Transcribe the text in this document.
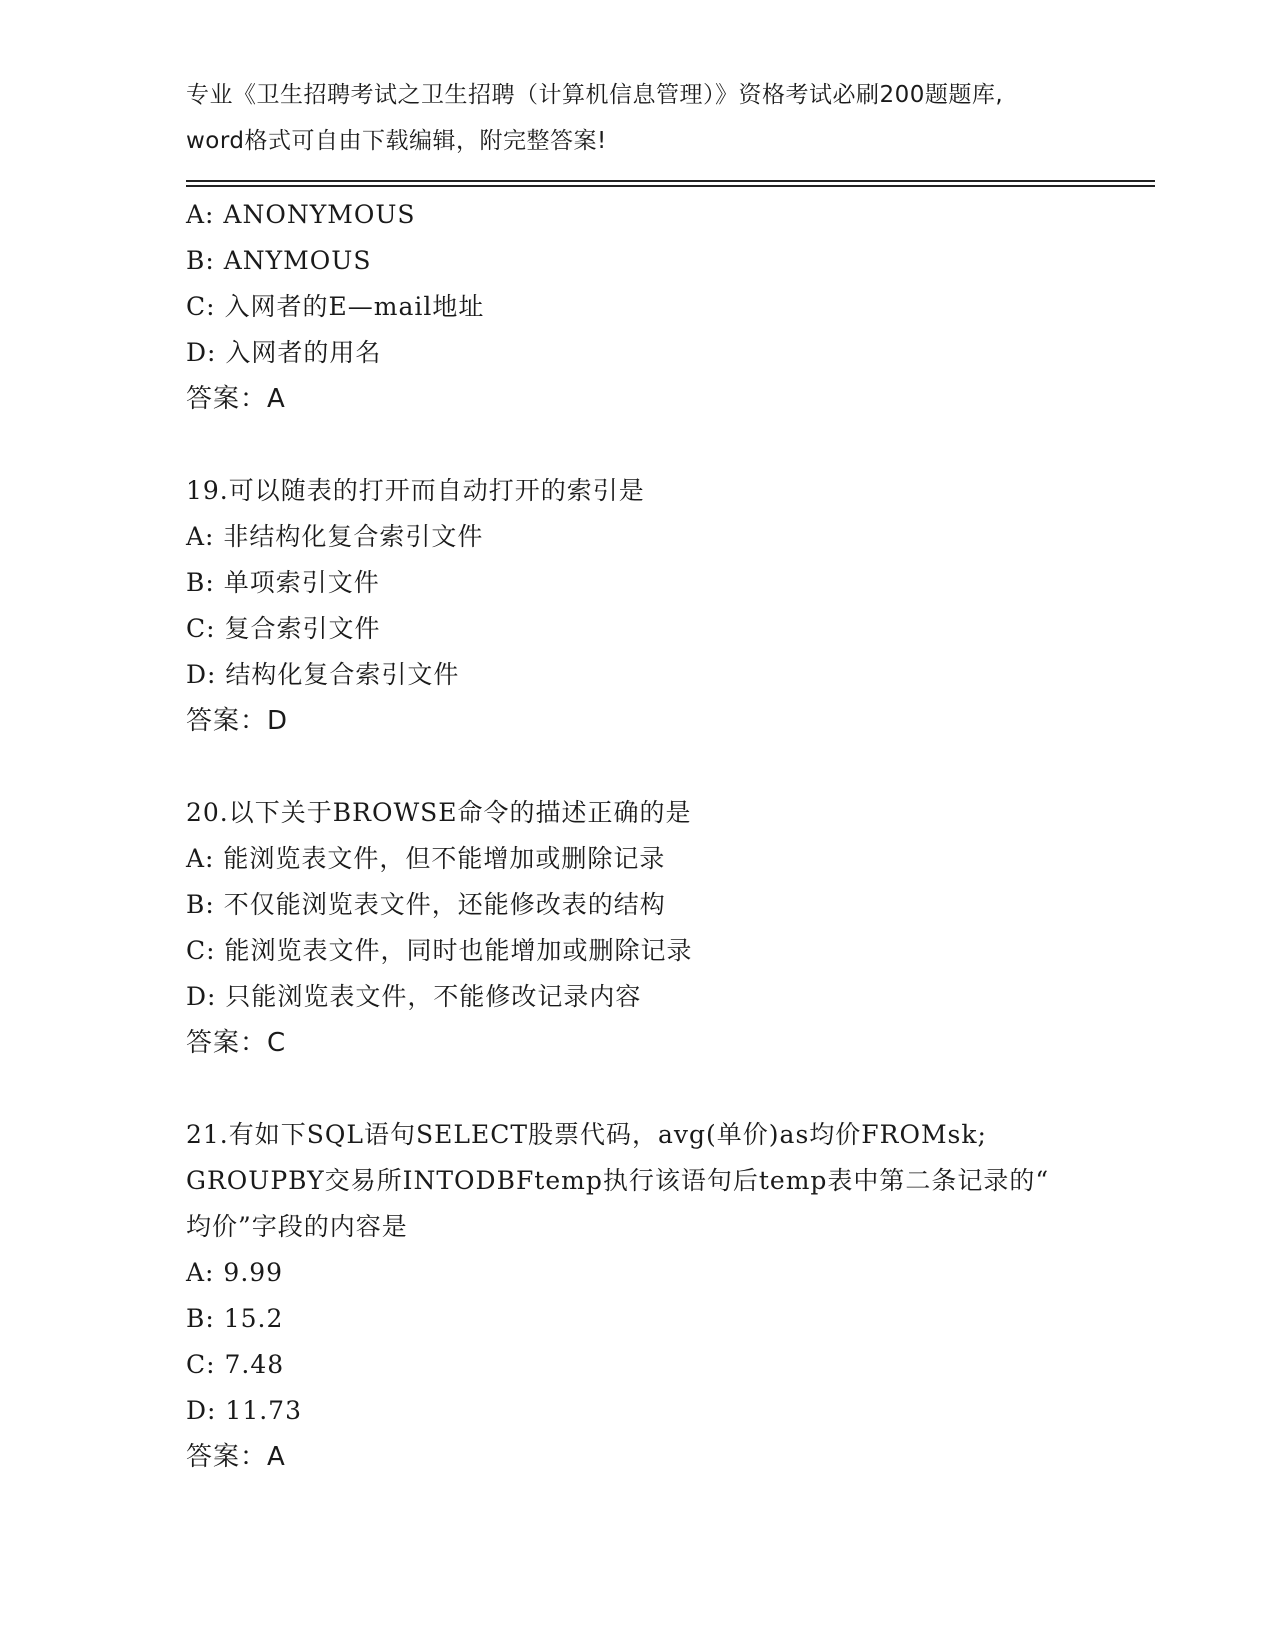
专业《卫生招聘考试之卫生招聘（计算机信息管理）》资格考试必刷200题题库,
word格式可自由下载编辑，附完整答案!
A: ANONYMOUS
B: ANYMOUS
C: 入网者的E—mail地址
D: 入网者的用名
答案：A
19.可以随表的打开而自动打开的索引是
A: 非结构化复合索引文件
B: 单项索引文件
C: 复合索引文件
D: 结构化复合索引文件
答案：D
20.以下关于BROWSE命令的描述正确的是
A: 能浏览表文件，但不能增加或删除记录
B: 不仅能浏览表文件，还能修改表的结构
C: 能浏览表文件，同时也能增加或删除记录
D: 只能浏览表文件，不能修改记录内容
答案：C
21.有如下SQL语句SELECT股票代码，avg(单价)as均价FROMsk;
GROUPBY交易所INTODBFtemp执行该语句后temp表中第二条记录的“
均价”字段的内容是
A: 9.99
B: 15.2
C: 7.48
D: 11.73
答案：A
